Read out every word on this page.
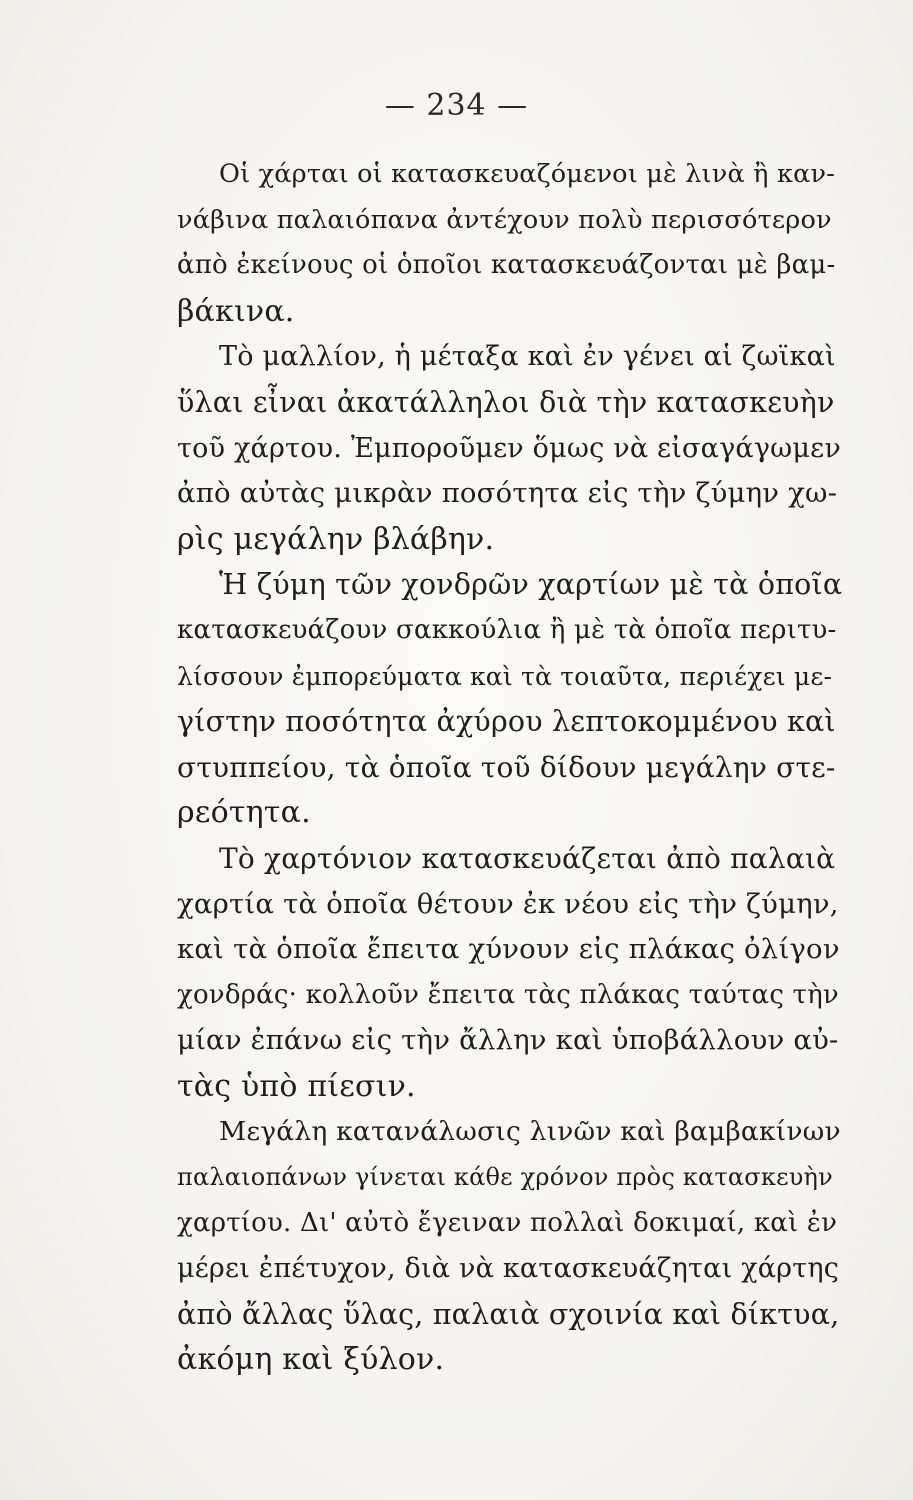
— 234 —
Οἱ χάρται οἱ κατασκευαζόμενοι μὲ λινὰ ἢ καν-
νάβινα παλαιόπανα ἀντέχουν πολὺ περισσότερον
ἀπὸ ἐκείνους οἱ ὁποῖοι κατασκευάζονται μὲ βαμ-
βάκινα.
Τὸ μαλλίον, ἡ μέταξα καὶ ἐν γένει αἱ ζωϊκαὶ
ὕλαι εἶναι ἀκατάλληλοι διὰ τὴν κατασκευὴν
τοῦ χάρτου. Ἐμποροῦμεν ὅμως νὰ εἰσαγάγωμεν
ἀπὸ αὐτὰς μικρὰν ποσότητα εἰς τὴν ζύμην χω-
ρὶς μεγάλην βλάβην.
Ἡ ζύμη τῶν χονδρῶν χαρτίων μὲ τὰ ὁποῖα
κατασκευάζουν σακκούλια ἢ μὲ τὰ ὁποῖα περιτυ-
λίσσουν ἐμπορεύματα καὶ τὰ τοιαῦτα, περιέχει με-
γίστην ποσότητα ἀχύρου λεπτοκομμένου καὶ
στυππείου, τὰ ὁποῖα τοῦ δίδουν μεγάλην στε-
ρεότητα.
Τὸ χαρτόνιον κατασκευάζεται ἀπὸ παλαιὰ
χαρτία τὰ ὁποῖα θέτουν ἐκ νέου εἰς τὴν ζύμην,
καὶ τὰ ὁποῖα ἔπειτα χύνουν εἰς πλάκας ὀλίγον
χονδράς· κολλοῦν ἔπειτα τὰς πλάκας ταύτας τὴν
μίαν ἐπάνω εἰς τὴν ἄλλην καὶ ὑποβάλλουν αὐ-
τὰς ὑπὸ πίεσιν.
Μεγάλη κατανάλωσις λινῶν καὶ βαμβακίνων
παλαιοπάνων γίνεται κάθε χρόνον πρὸς κατασκευὴν
χαρτίου. Δι' αὐτὸ ἔγειναν πολλαὶ δοκιμαί, καὶ ἐν
μέρει ἐπέτυχον, διὰ νὰ κατασκευάζηται χάρτης
ἀπὸ ἄλλας ὕλας, παλαιὰ σχοινία καὶ δίκτυα,
ἀκόμη καὶ ξύλον.
